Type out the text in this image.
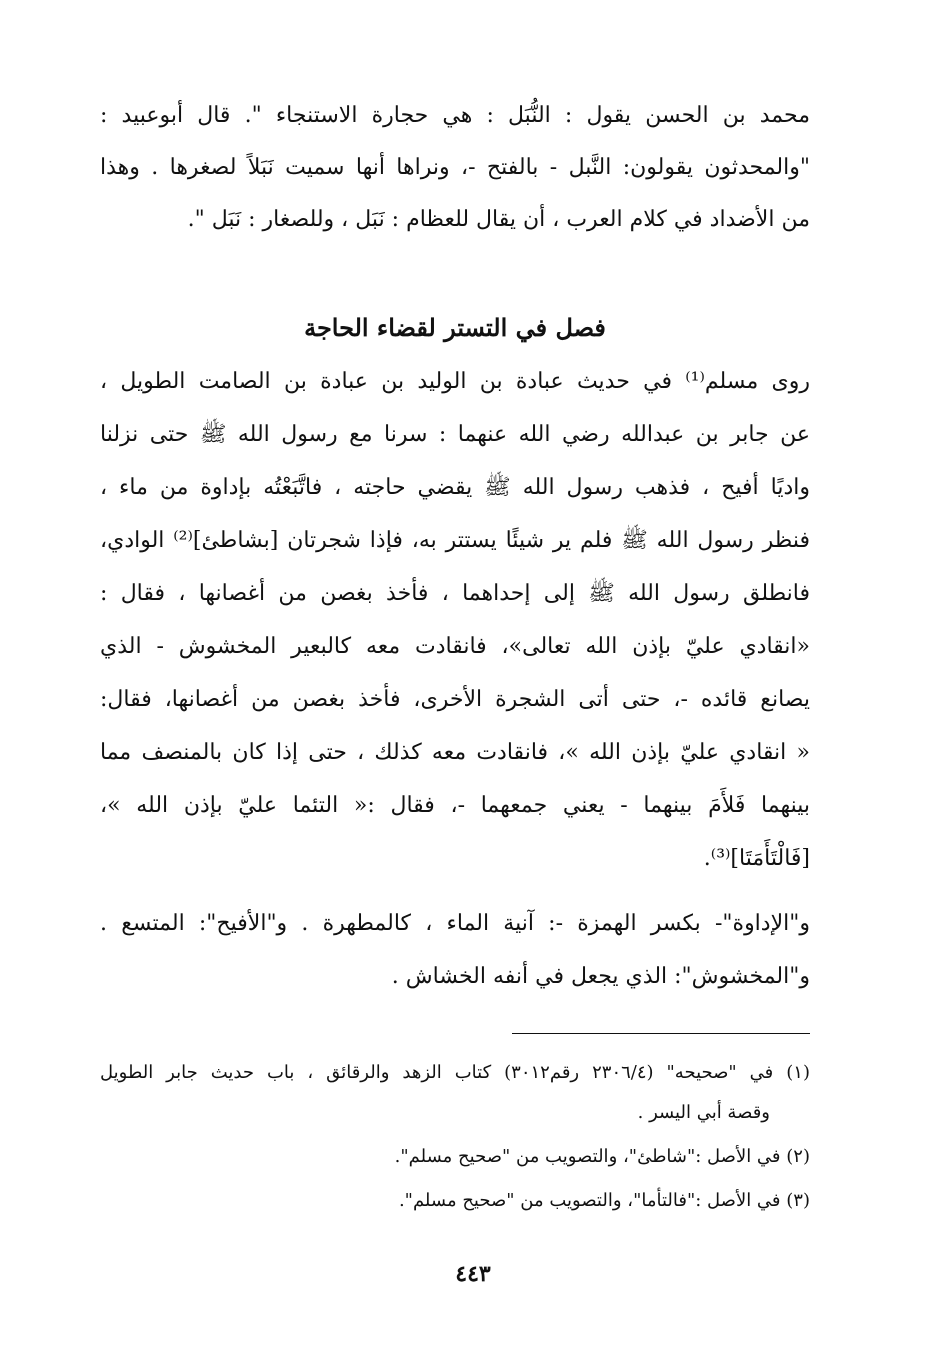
محمد بن الحسن يقول : النُّبَل : هي حجارة الاستنجاء ". قال أبوعبيد :
"والمحدثون يقولون: النَّبل - بالفتح -، ونراها أنها سميت نَبَلاً لصغرها . وهذا
من الأضداد في كلام العرب ، أن يقال للعظام : نَبَل ، وللصغار : نَبَل ".
فصل في التستر لقضاء الحاجة
روى مسلم⁽¹⁾ في حديث عبادة بن الوليد بن عبادة بن الصامت الطويل ،
عن جابر بن عبدالله رضي الله عنهما : سرنا مع رسول الله ﷺ حتى نزلنا
واديًا أفيح ، فذهب رسول الله ﷺ يقضي حاجته ، فاتَّبَعْتُه بإداوة من ماء ،
فنظر رسول الله ﷺ فلم ير شيئًا يستتر به، فإذا شجرتان [بشاطئ]⁽²⁾ الوادي،
فانطلق رسول الله ﷺ إلى إحداهما ، فأخذ بغصن من أغصانها ، فقال :
«انقادي عليّ بإذن الله تعالى»، فانقادت معه كالبعير المخشوش - الذي
يصانع قائده -، حتى أتى الشجرة الأخرى، فأخذ بغصن من أغصانها، فقال:
« انقادي عليّ بإذن الله »، فانقادت معه كذلك ، حتى إذا كان بالمنصف مما
بينهما فَلأَمَ بينهما - يعني جمعهما -، فقال :« التئما عليّ بإذن الله »،
[فَالْتَأَمَتَا]⁽³⁾.
و"الإداوة"- بكسر الهمزة -: آنية الماء ، كالمطهرة . و"الأفيح": المتسع .
و"المخشوش": الذي يجعل في أنفه الخشاش .
(١) في "صحيحه" (٢٣٠٦/٤ رقم٣٠١٢) كتاب الزهد والرقائق ، باب حديث جابر الطويل
وقصة أبي اليسر .
(٢) في الأصل :"شاطئ"، والتصويب من "صحيح مسلم".
(٣) في الأصل :"فالتأما"، والتصويب من "صحيح مسلم".
٤٤٣
